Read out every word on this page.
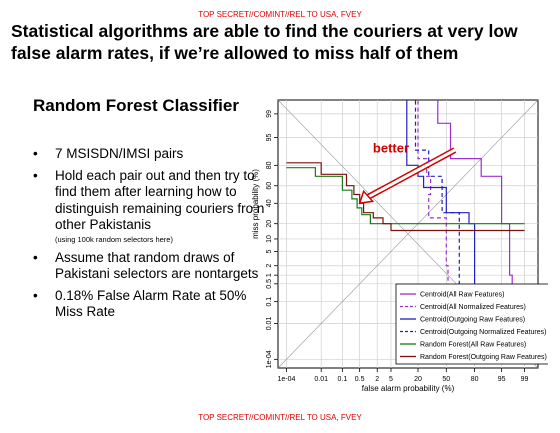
TOP SECRET//COMINT//REL TO USA, FVEY
Statistical algorithms are able to find the couriers at very low false alarm rates, if we’re allowed to miss half of them
Random Forest Classifier
• 7 MSISDN/IMSI pairs
• Hold each pair out and then try to find them after learning how to distinguish remaining couriers fro n other Pakistanis
(using 100k random selectors here)
• Assume that random draws of Pakistani selectors are nontargets
• 0.18% False Alarm Rate at 50% Miss Rate
1e-04	0.01 0.1 0.5 2 5	20	50	80	95 99
1e-04
0.01
0.1
0.5
1
2
5
10
20
40
60
80
95
99
better
false alarm probability (%)
miss probability (%)
Centroid(All Raw Features)
Centroid(All Normalized Features)
Centroid(Outgoing Raw Features)
Centroid(Outgoing Normalized Features)
Random Forest(All Raw Features)
Random Forest(Outgoing Raw Features)
TOP SECRET//COMINT//REL TO USA, FVEY
